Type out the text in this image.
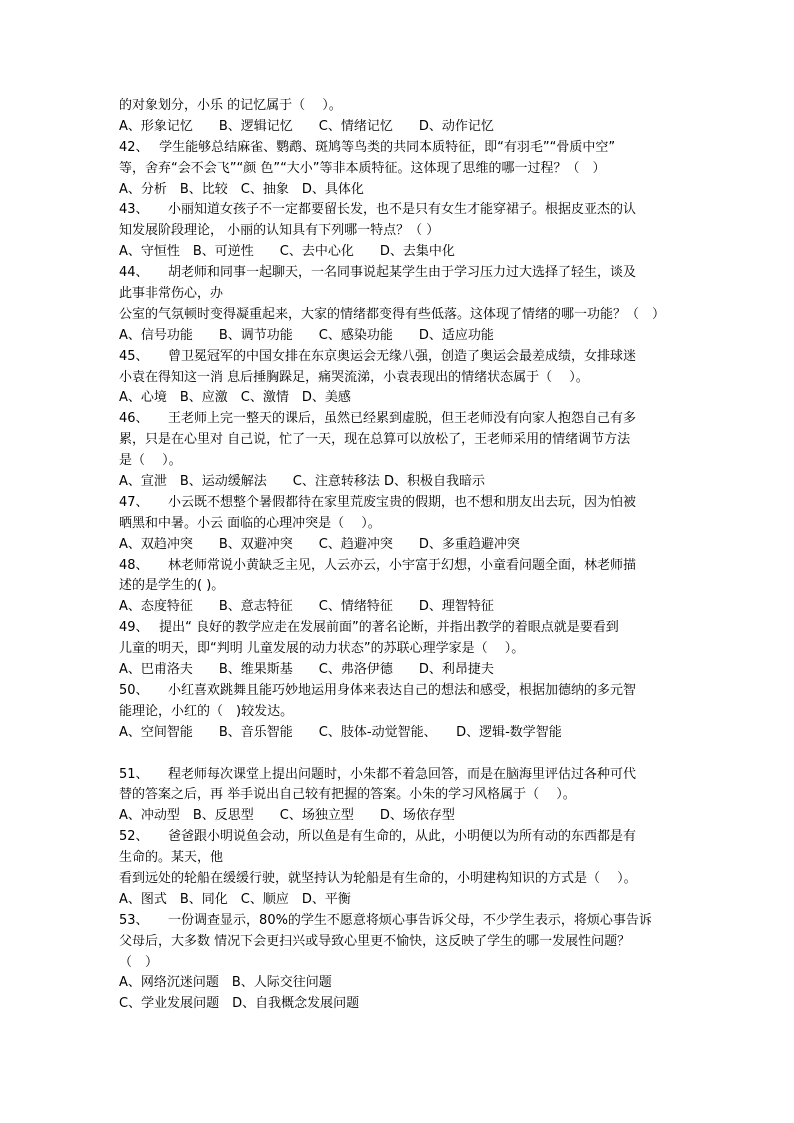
的对象划分，小乐 的记忆属于（　 ）。
A、形象记忆　　B、逻辑记忆　　C、情绪记忆　　D、动作记忆
42、　 学生能够总结麻雀、鹦鹉、斑鸠等鸟类的共同本质特征，即“有羽毛”“骨质中空”
等，舍弃“会不会飞”“颜 色”“大小”等非本质特征。这体现了思维的哪一过程？（　）
A、分析　B、比较　C、抽象　D、具体化
43、　　小丽知道女孩子不一定都要留长发，也不是只有女生才能穿裙子。根据皮亚杰的认
知发展阶段理论， 小丽的认知具有下列哪一特点？（ ）
A、守恒性　B、可逆性　　C、去中心化　　D、去集中化
44、　　胡老师和同事一起聊天，一名同事说起某学生由于学习压力过大选择了轻生，谈及
此事非常伤心，办
公室的气氛顿时变得凝重起来，大家的情绪都变得有些低落。这体现了情绪的哪一功能？（　）
A、信号功能　　B、调节功能　　C、感染功能　　D、适应功能
45、　　曾卫冕冠军的中国女排在东京奥运会无缘八强，创造了奥运会最差成绩，女排球迷
小袁在得知这一消 息后捶胸跺足，痛哭流涕，小袁表现出的情绪状态属于（　 ）。
A、心境　B、应激　C、激情　D、美感
46、　　王老师上完一整天的课后，虽然已经累到虚脱，但王老师没有向家人抱怨自己有多
累，只是在心里对 自己说，忙了一天，现在总算可以放松了，王老师采用的情绪调节方法
是（　 ）。
A、宣泄　B、运动缓解法　　C、注意转移法 D、积极自我暗示
47、　　小云既不想整个暑假都待在家里荒废宝贵的假期，也不想和朋友出去玩，因为怕被
晒黑和中暑。小云 面临的心理冲突是（　 ）。
A、双趋冲突　　B、双避冲突　　C、趋避冲突　　D、多重趋避冲突
48、　　林老师常说小黄缺乏主见，人云亦云，小宇富于幻想，小童看问题全面，林老师描
述的是学生的( )。
A、态度特征　　B、意志特征　　C、情绪特征　　D、理智特征
49、　 提出“ 良好的教学应走在发展前面”的著名论断，并指出教学的着眼点就是要看到
儿童的明天，即“判明 儿童发展的动力状态”的苏联心理学家是（　 ）。
A、巴甫洛夫　　B、维果斯基　　C、弗洛伊德　　D、利昂捷夫
50、　　小红喜欢跳舞且能巧妙地运用身体来表达自己的想法和感受，根据加德纳的多元智
能理论，小红的（　)较发达。
A、空间智能　　B、音乐智能　　C、肢体-动觉智能、　　D、逻辑-数学智能
51、　　程老师每次课堂上提出问题时，小朱都不着急回答，而是在脑海里评估过各种可代
替的答案之后，再 举手说出自己较有把握的答案。小朱的学习风格属于（　 ）。
A、冲动型　B、反思型　　C、场独立型　　D、场依存型
52、　　爸爸跟小明说鱼会动，所以鱼是有生命的，从此，小明便以为所有动的东西都是有
生命的。某天，他
看到远处的轮船在缓缓行驶，就坚持认为轮船是有生命的，小明建构知识的方式是（　 ）。
A、图式　B、同化　C、顺应　D、平衡
53、　　一份调查显示，80%的学生不愿意将烦心事告诉父母，不少学生表示，将烦心事告诉
父母后，大多数 情况下会更扫兴或导致心里更不愉快，这反映了学生的哪一发展性问题？
（　）
A、网络沉迷问题　B、人际交往问题
C、学业发展问题　D、自我概念发展问题
